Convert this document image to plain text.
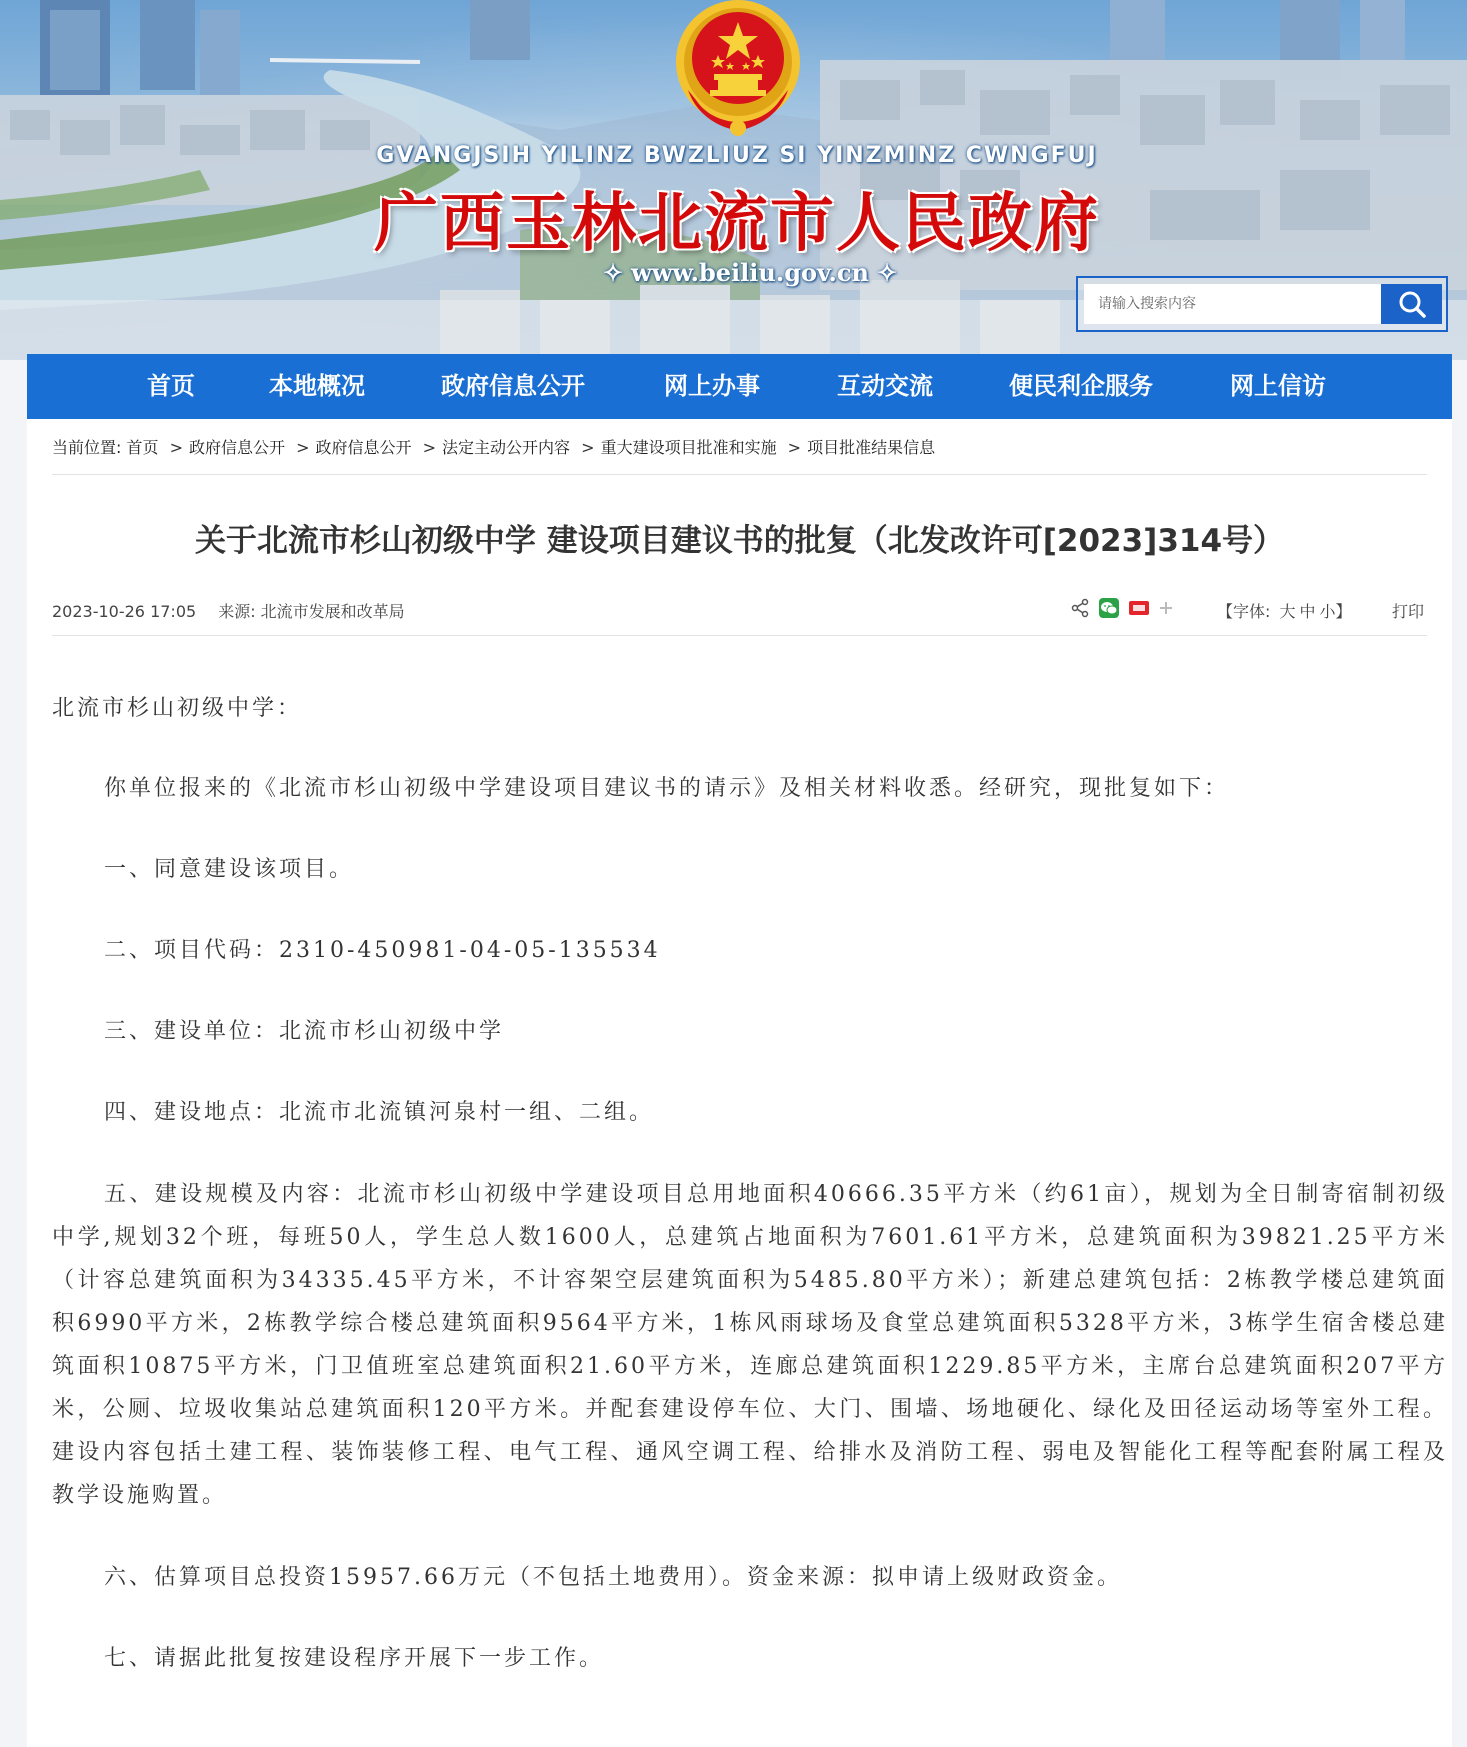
GVANGJSIH YILINZ BWZLIUZ SI YINZMINZ CWNGFUJ
广西玉林北流市人民政府
✧ www.beiliu.gov.cn ✧
请输入搜索内容
首页	本地概况	政府信息公开	网上办事	互动交流	便民利企服务	网上信访
当前位置: 首页 > 政府信息公开 > 政府信息公开 > 法定主动公开内容 > 重大建设项目批准和实施 > 项目批准结果信息
关于北流市杉山初级中学 建设项目建议书的批复（北发改许可[2023]314号）
2023-10-26 17:05 来源: 北流市发展和改革局	【字体: 大 中 小】	打印

北流市杉山初级中学：

你单位报来的《北流市杉山初级中学建设项目建议书的请示》及相关材料收悉。经研究，现批复如下：

一、同意建设该项目。

二、项目代码：2310-450981-04-05-135534

三、建设单位：北流市杉山初级中学

四、建设地点：北流市北流镇河泉村一组、二组。

五、建设规模及内容：北流市杉山初级中学建设项目总用地面积40666.35平方米（约61亩），规划为全日制寄宿制初级中学,规划32个班，每班50人，学生总人数1600人，总建筑占地面积为7601.61平方米，总建筑面积为39821.25平方米（计容总建筑面积为34335.45平方米，不计容架空层建筑面积为5485.80平方米）；新建总建筑包括：2栋教学楼总建筑面积6990平方米，2栋教学综合楼总建筑面积9564平方米，1栋风雨球场及食堂总建筑面积5328平方米，3栋学生宿舍楼总建筑面积10875平方米，门卫值班室总建筑面积21.60平方米，连廊总建筑面积1229.85平方米，主席台总建筑面积207平方米，公厕、垃圾收集站总建筑面积120平方米。并配套建设停车位、大门、围墙、场地硬化、绿化及田径运动场等室外工程。建设内容包括土建工程、装饰装修工程、电气工程、通风空调工程、给排水及消防工程、弱电及智能化工程等配套附属工程及教学设施购置。

六、估算项目总投资15957.66万元（不包括土地费用）。资金来源：拟申请上级财政资金。

七、请据此批复按建设程序开展下一步工作。
